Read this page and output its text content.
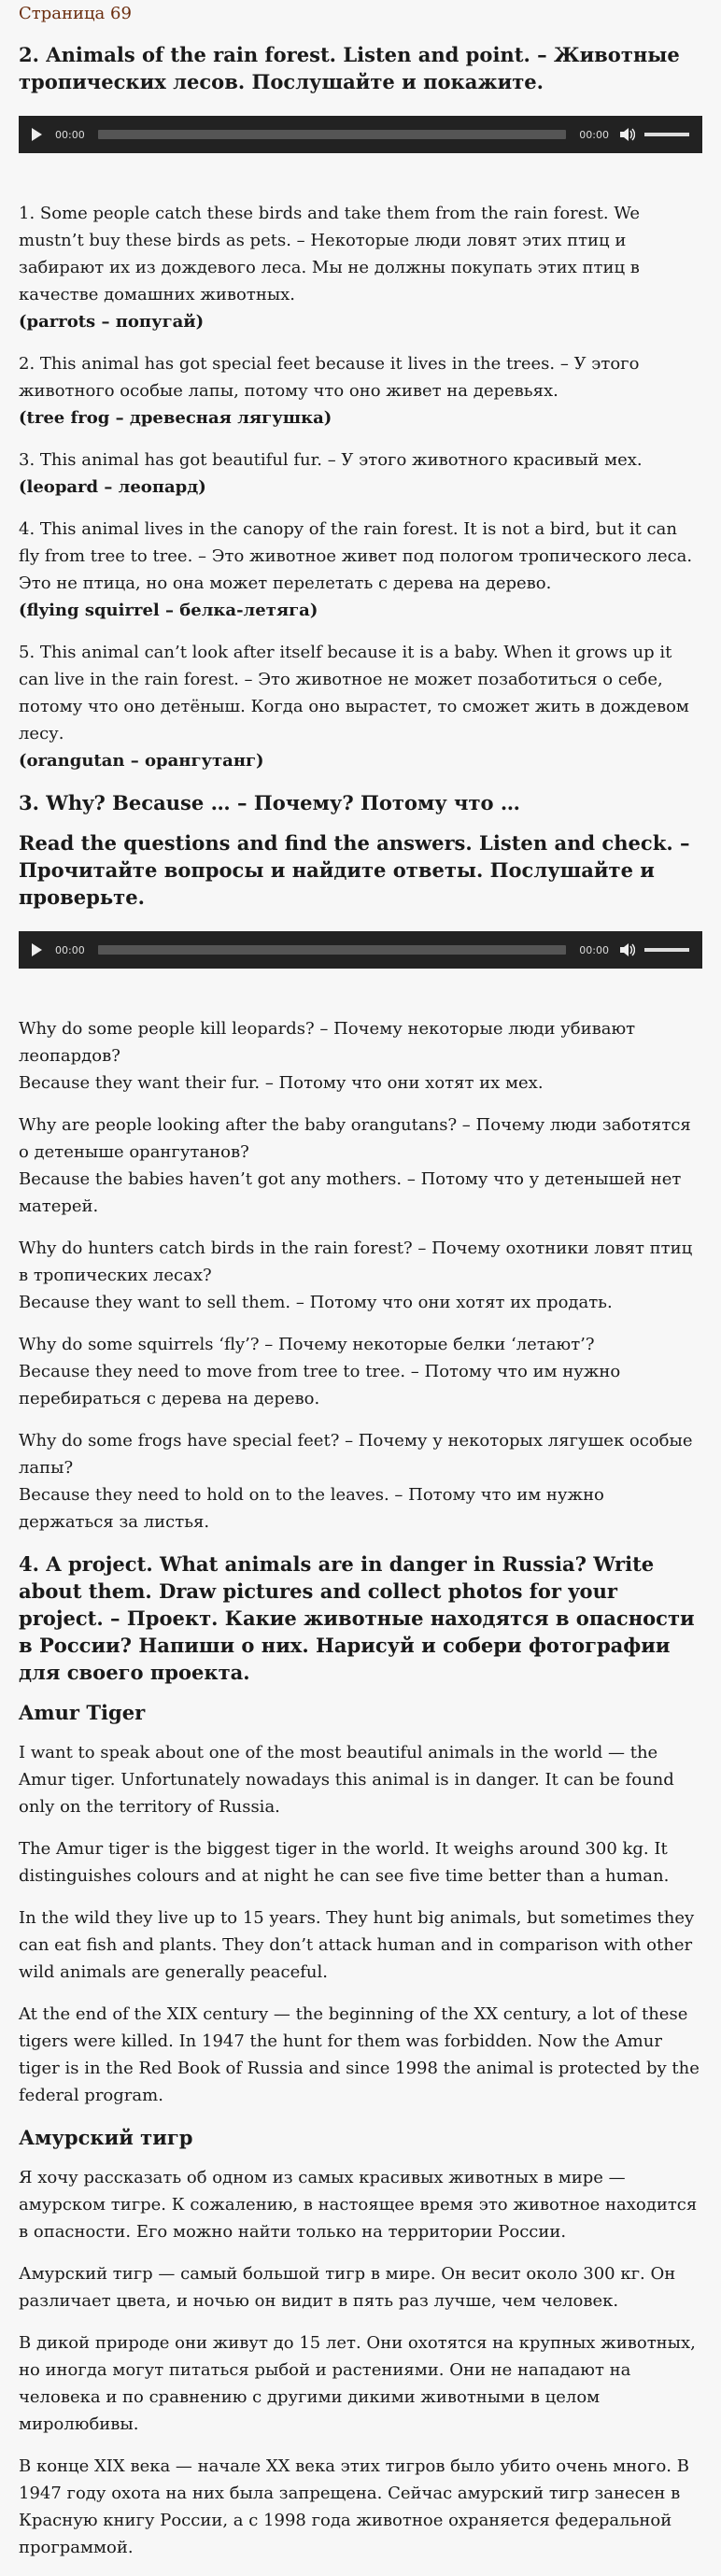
Страница 69

2. Animals of the rain forest. Listen and point. – Животные тропических лесов. Послушайте и покажите.
00:00	00:00

1. Some people catch these birds and take them from the rain forest. We mustn’t buy these birds as pets. – Некоторые люди ловят этих птиц и забирают их из дождевого леса. Мы не должны покупать этих птиц в качестве домашних животных.
(parrots – попугай)

2. This animal has got special feet because it lives in the trees. – У этого животного особые лапы, потому что оно живет на деревьях.
(tree frog – древесная лягушка)

3. This animal has got beautiful fur. – У этого животного красивый мех.
(leopard – леопард)

4. This animal lives in the canopy of the rain forest. It is not a bird, but it can fly from tree to tree. – Это животное живет под пологом тропического леса. Это не птица, но она может перелетать с дерева на дерево.
(flying squirrel – белка-летяга)

5. This animal can’t look after itself because it is a baby. When it grows up it can live in the rain forest. – Это животное не может позаботиться о себе, потому что оно детёныш. Когда оно вырастет, то сможет жить в дождевом лесу.
(orangutan – орангутанг)

3. Why? Because … – Почему? Потому что …
Read the questions and find the answers. Listen and check. – Прочитайте вопросы и найдите ответы. Послушайте и проверьте.
00:00	00:00

Why do some people kill leopards? – Почему некоторые люди убивают леопардов?
Because they want their fur. – Потому что они хотят их мех.

Why are people looking after the baby orangutans? – Почему люди заботятся о детенышe орангутанов?
Because the babies haven’t got any mothers. – Потому что у детенышей нет матерей.

Why do hunters catch birds in the rain forest? – Почему охотники ловят птиц в тропических лесах?
Because they want to sell them. – Потому что они хотят их продать.

Why do some squirrels ‘fly’? – Почему некоторые белки ‘летают’?
Because they need to move from tree to tree. – Потому что им нужно перебираться с дерева на дерево.

Why do some frogs have special feet? – Почему у некоторых лягушек особые лапы?
Because they need to hold on to the leaves. – Потому что им нужно держаться за листья.

4. A project. What animals are in danger in Russia? Write about them. Draw pictures and collect photos for your project. – Проект. Какие животные находятся в опасности в России? Напиши о них. Нарисуй и собери фотографии для своего проекта.
Amur Tiger

I want to speak about one of the most beautiful animals in the world — the Amur tiger. Unfortunately nowadays this animal is in danger. It can be found only on the territory of Russia.

The Amur tiger is the biggest tiger in the world. It weighs around 300 kg. It distinguishes colours and at night he can see five time better than a human.

In the wild they live up to 15 years. They hunt big animals, but sometimes they can eat fish and plants. They don’t attack human and in comparison with other wild animals are generally peaceful.

At the end of the XIX century — the beginning of the XX century, a lot of these tigers were killed. In 1947 the hunt for them was forbidden. Now the Amur tiger is in the Red Book of Russia and since 1998 the animal is protected by the federal program.

Амурский тигр

Я хочу рассказать об одном из самых красивых животных в мире — амурском тигре. К сожалению, в настоящее время это животное находится в опасности. Его можно найти только на территории России.

Амурский тигр — самый большой тигр в мире. Он весит около 300 кг. Он различает цвета, и ночью он видит в пять раз лучше, чем человек.

В дикой природе они живут до 15 лет. Они охотятся на крупных животных, но иногда могут питаться рыбой и растениями. Они не нападают на человека и по сравнению с другими дикими животными в целом миролюбивы.

В конце XIX века — начале XX века этих тигров было убито очень много. В 1947 году охота на них была запрещена. Сейчас амурский тигр занесен в Красную книгу России, а с 1998 года животное охраняется федеральной программой.
